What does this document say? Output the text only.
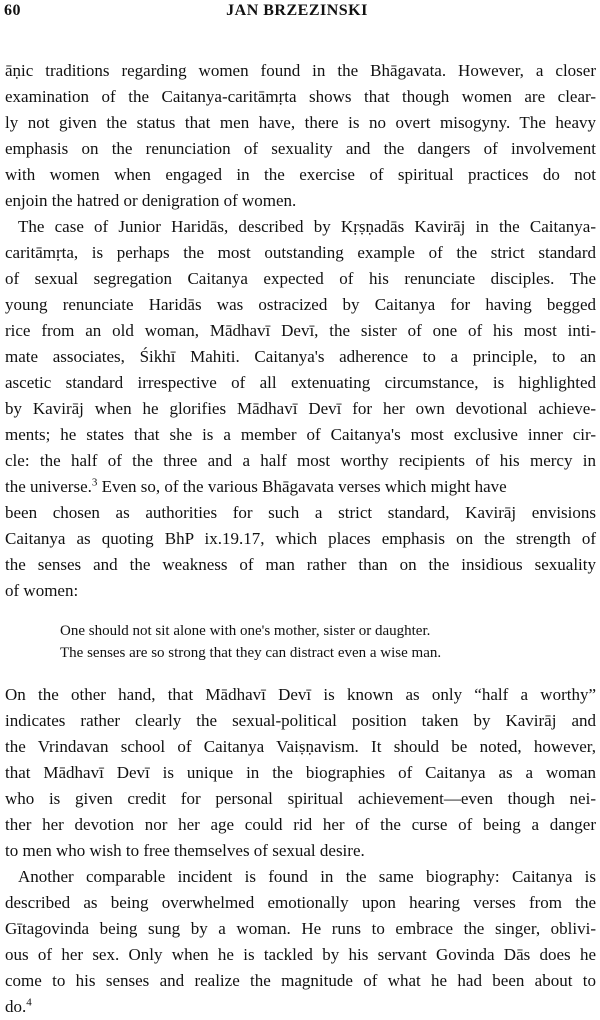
60	JAN BRZEZINSKI
āṇic traditions regarding women found in the Bhāgavata. However, a closer
examination of the Caitanya-caritāmṛta shows that though women are clear-
ly not given the status that men have, there is no overt misogyny. The heavy
emphasis on the renunciation of sexuality and the dangers of involvement
with women when engaged in the exercise of spiritual practices do not
enjoin the hatred or denigration of women.
The case of Junior Haridās, described by Kṛṣṇadās Kavirāj in the Caitanya-
caritāmṛta, is perhaps the most outstanding example of the strict standard
of sexual segregation Caitanya expected of his renunciate disciples. The
young renunciate Haridās was ostracized by Caitanya for having begged
rice from an old woman, Mādhavī Devī, the sister of one of his most inti-
mate associates, Śikhī Mahiti. Caitanya's adherence to a principle, to an
ascetic standard irrespective of all extenuating circumstance, is highlighted
by Kavirāj when he glorifies Mādhavī Devī for her own devotional achieve-
ments; he states that she is a member of Caitanya's most exclusive inner cir-
cle: the half of the three and a half most worthy recipients of his mercy in
the universe.$^3$ Even so, of the various Bhāgavata verses which might have
been chosen as authorities for such a strict standard, Kavirāj envisions
Caitanya as quoting BhP ix.19.17, which places emphasis on the strength of
the senses and the weakness of man rather than on the insidious sexuality
of women:
One should not sit alone with one's mother, sister or daughter.
The senses are so strong that they can distract even a wise man.
On the other hand, that Mādhavī Devī is known as only “half a worthy”
indicates rather clearly the sexual-political position taken by Kavirāj and
the Vrindavan school of Caitanya Vaiṣṇavism. It should be noted, however,
that Mādhavī Devī is unique in the biographies of Caitanya as a woman
who is given credit for personal spiritual achievement—even though nei-
ther her devotion nor her age could rid her of the curse of being a danger
to men who wish to free themselves of sexual desire.
Another comparable incident is found in the same biography: Caitanya is
described as being overwhelmed emotionally upon hearing verses from the
Gītagovinda being sung by a woman. He runs to embrace the singer, oblivi-
ous of her sex. Only when he is tackled by his servant Govinda Dās does he
come to his senses and realize the magnitude of what he had been about to
do.$^4$
